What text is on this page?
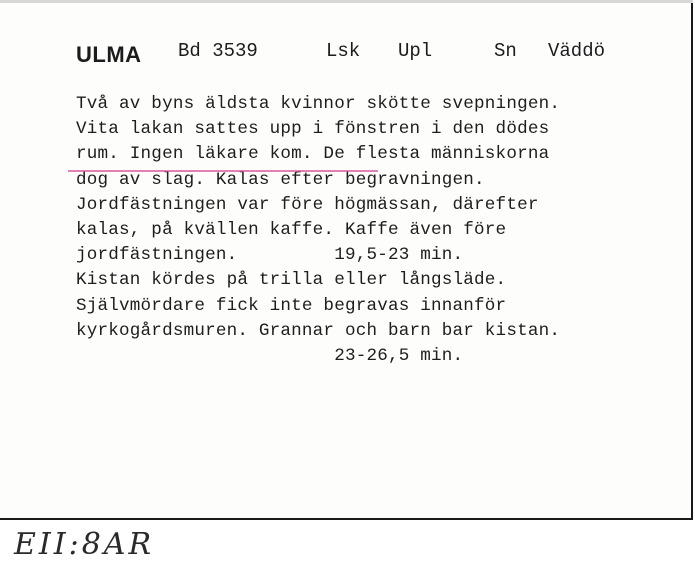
ULMA Bd 3539	Lsk Upl	Sn Väddö
Två av byns äldsta kvinnor skötte svepningen.
Vita lakan sattes upp i fönstren i den dödes
rum. Ingen läkare kom. De flesta människorna
dog av slag. Kalas efter begravningen.
Jordfästningen var före högmässan, därefter
kalas, på kvällen kaffe. Kaffe även före
jordfästningen.         19,5-23 min.
Kistan kördes på trilla eller långsläde.
Självmördare fick inte begravas innanför
kyrkogårdsmuren. Grannar och barn bar kistan.
23-26,5 min.
EII:8AR
